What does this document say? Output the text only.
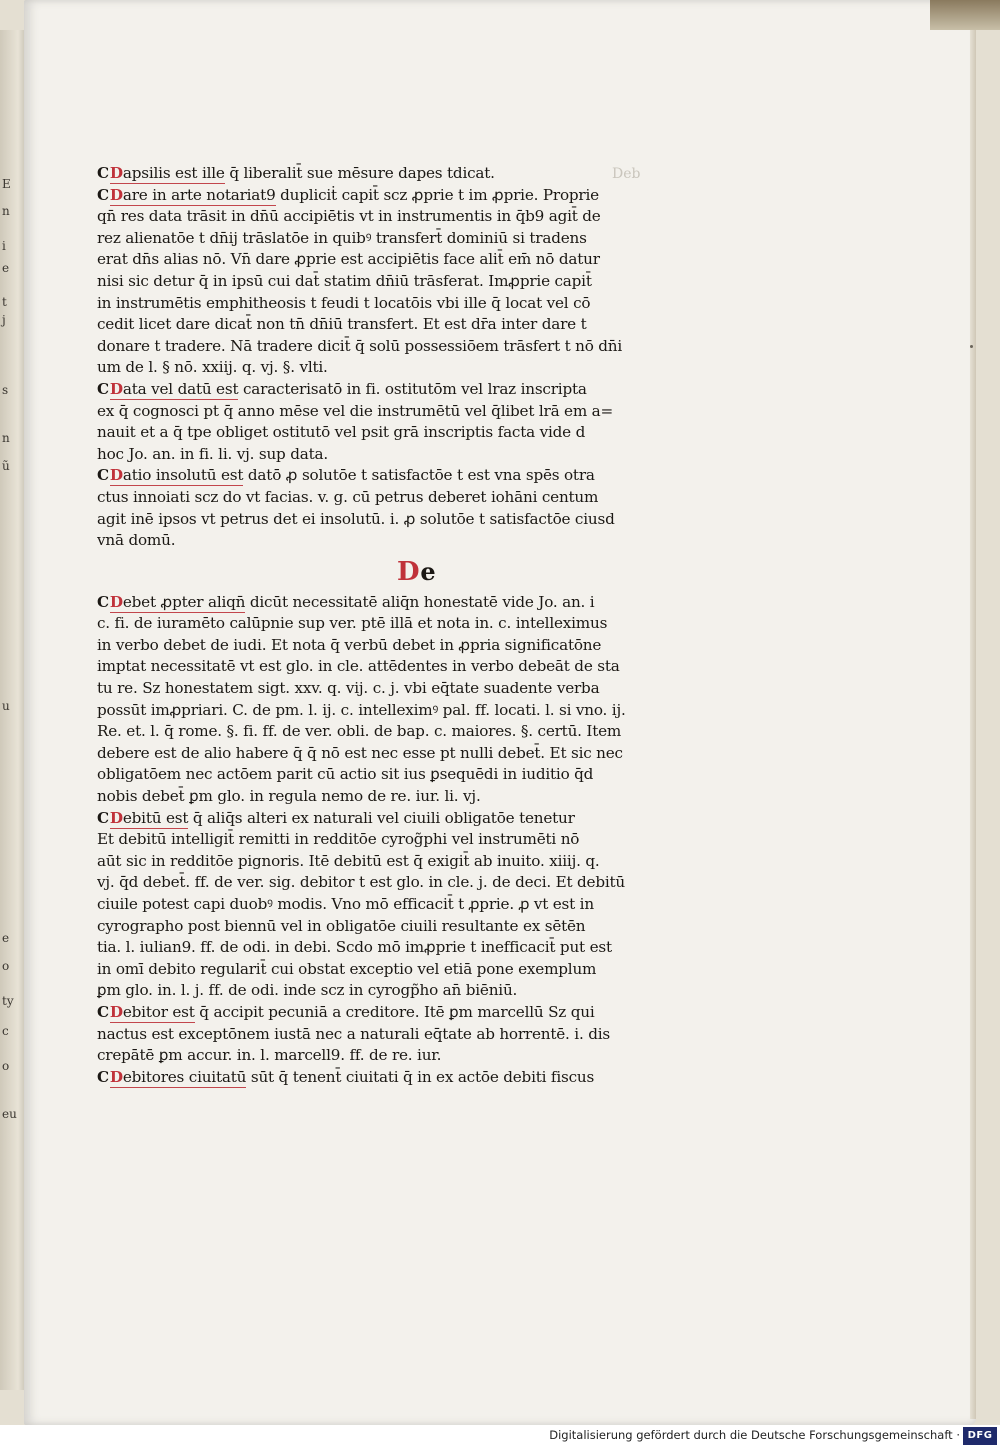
E
n
i
e
t
j
s
n
ũ
u
e
o
ty
c
o
eu
Deb
CDapsilis est ille q̄ liberalit̄ sue mēsure dapes tdicat.
CDare in arte notariat9 dupliciṫ capit̄ scz ꝓprie t im ꝓprie. Proprie
qn̄ res data trāsit in dn̄ū accipiētis vt in instrumentis in q̄b9 agit̄ de
rez alienatōe t dn̄ij trāslatōe in quibꝰ transfert̄ dominiū si tradens
erat dn̄s alias nō. Vn̄ dare ꝓprie est accipiētis face alit̄ em̄ nō datur
nisi sic detur q̄ in ipsū cui dat̄ statim dn̄iū trāsferat. Imꝓprie capit̄
in instrumētis emphitheosis t feudi t locatōis vbi ille q̄ locat vel cō
cedit licet dare dicat̄ non tn̄ dn̄iū transfert. Et est dr̄a inter dare t
donare t tradere. Nā tradere dicit̄ q̄ solū possessiōem trāsfert t nō dn̄i
um de l. § nō. xxiij. q. vj. §. vlti.
CData vel datū est caracterisatō in fi. ostitutōm vel lraz inscripta
ex q̄ cognosci pt q̄ anno mēse vel die instrumētū vel q̄libet lrā em a=
nauit et a q̄ tpe obliget ostitutō vel psit grā inscriptis facta vide d
hoc Jo. an. in fi. li. vj. sup data.
CDatio insolutū est datō ꝓ solutōe t satisfactōe t est vna spēs otra
ctus innoiati scz do vt facias. v. g. cū petrus deberet iohāni centum
agit inē ipsos vt petrus det ei insolutū. i. ꝓ solutōe t satisfactōe ciusd
vnā domū.
De
CDebet ꝓpter aliqn̄ dicūt necessitatē aliq̄n honestatē vide Jo. an. i
c. fi. de iuramēto calūpnie sup ver. ptē illā et nota in. c. intelleximus
in verbo debet de iudi. Et nota q̄ verbū debet in ꝓpria significatōne
imptat necessitatē vt est glo. in cle. attēdentes in verbo debeāt de sta
tu re. Sz honestatem sigt. xxv. q. vij. c. j. vbi eq̄tate suadente verba
possūt imꝓpriari. C. de pm. l. ij. c. intelleximꝰ pal. ff. locati. l. si vno. ij.
Re. et. l. q̄ rome. §. fi. ff. de ver. obli. de bap. c. maiores. §. certū. Item
debere est de alio habere q̄ q̄ nō est nec esse pt nulli debet̄. Et sic nec
obligatōem nec actōem parit cū actio sit ius ꝑsequēdi in iuditio q̄d
nobis debet̄ ꝑm glo. in regula nemo de re. iur. li. vj.
CDebitū est q̄ aliq̄s alteri ex naturali vel ciuili obligatōe tenetur
Et debitū intelligit̄ remitti in redditōe cyrog̃phi vel instrumēti nō
aūt sic in redditōe pignoris. Itē debitū est q̄ exigit̄ ab inuito. xiiij. q.
vj. q̄d debet̄. ff. de ver. sig. debitor t est glo. in cle. j. de deci. Et debitū
ciuile potest capi duobꝰ modis. Vno mō efficacit̄ t ꝓprie. ꝓ vt est in
cyrographo post biennū vel in obligatōe ciuili resultante ex sētēn
tia. l. iulian9. ff. de odi. in debi. Scdo mō imꝓprie t inefficacit̄ put est
in omī debito regularit̄ cui obstat exceptio vel etiā pone exemplum
ꝑm glo. in. l. j. ff. de odi. inde scz in cyrogp̃ho an̄ biēniū.
CDebitor est q̄ accipit pecuniā a creditore. Itē ꝑm marcellū Sz qui
nactus est exceptōnem iustā nec a naturali eq̄tate ab horrentē. i. dis
crepātē ꝑm accur. in. l. marcell9. ff. de re. iur.
CDebitores ciuitatū sūt q̄ tenent̄ ciuitati q̄ in ex actōe debiti fiscus
Digitalisierung gefördert durch die Deutsche Forschungsgemeinschaft · DFG
